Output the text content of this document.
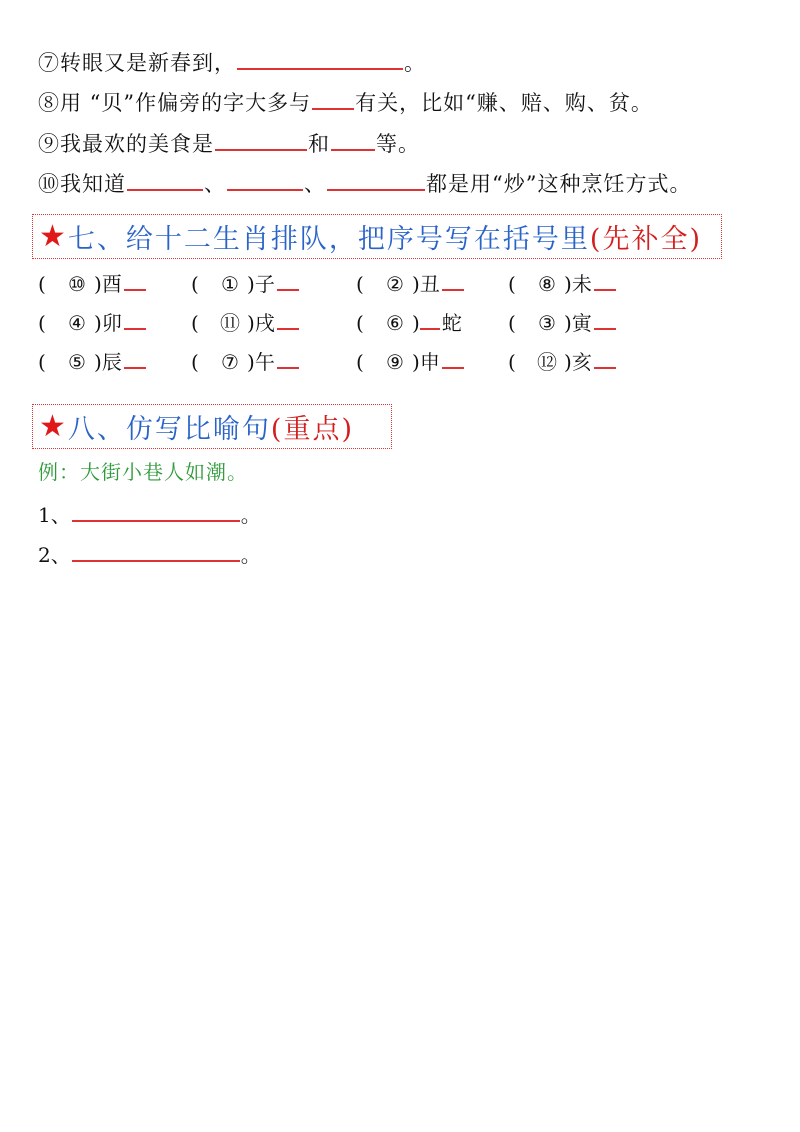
⑦转眼又是新春到，	。
⑧用 “贝”作偏旁的字大多与 有关，比如“赚、赔、购、贫。
⑨我最欢的美食是	和 等。
⑩我知道	、	、	都是用“炒”这种烹饪方式。
★ 七、给十二生肖排队，把序号写在括号里 (先补全)
( ⑩ )酉	( ① )子	( ② )丑	( ⑧ )未
( ④ )卯	( ⑪ )戌	( ⑥ ) 蛇 ( ③ )寅
( ⑤ )辰	( ⑦ )午	( ⑨ )申	( ⑫ )亥
★ 八、仿写比喻句 (重点)
例：大街小巷人如潮。
1、	。
2、	。
